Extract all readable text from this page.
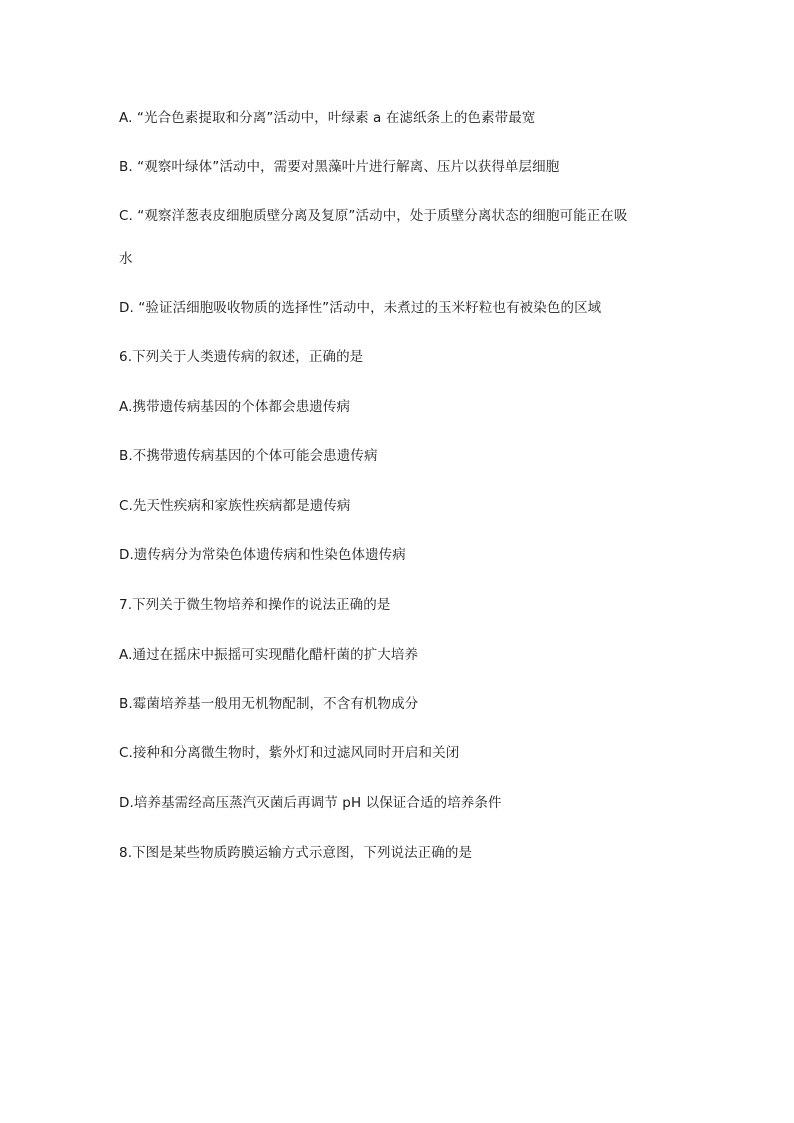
A. “光合色素提取和分离”活动中，叶绿素 a 在滤纸条上的色素带最宽
B. “观察叶绿体”活动中，需要对黑藻叶片进行解离、压片以获得单层细胞
C. “观察洋葱表皮细胞质壁分离及复原”活动中，处于质壁分离状态的细胞可能正在吸
水
D. “验证活细胞吸收物质的选择性”活动中，未煮过的玉米籽粒也有被染色的区域
6.下列关于人类遗传病的叙述，正确的是
A.携带遗传病基因的个体都会患遗传病
B.不携带遗传病基因的个体可能会患遗传病
C.先天性疾病和家族性疾病都是遗传病
D.遗传病分为常染色体遗传病和性染色体遗传病
7.下列关于微生物培养和操作的说法正确的是
A.通过在摇床中振摇可实现醋化醋杆菌的扩大培养
B.霉菌培养基一般用无机物配制，不含有机物成分
C.接种和分离微生物时，紫外灯和过滤风同时开启和关闭
D.培养基需经高压蒸汽灭菌后再调节 pH 以保证合适的培养条件
8.下图是某些物质跨膜运输方式示意图，下列说法正确的是
